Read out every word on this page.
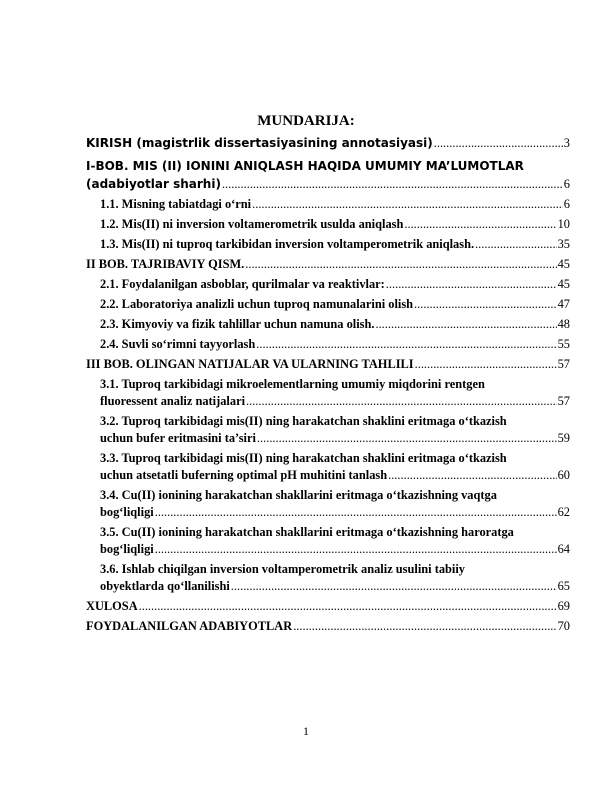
MUNDARIJA:
KIRISH (magistrlik dissertasiyasining annotasiyasi) .....	3
I-BOB. MIS (II) IONINI ANIQLASH HAQIDA UMUMIY MA’LUMOTLAR
(adabiyotlar sharhi) .....	6
1.1. Misning tabiatdagi o‘rni .....	6
1.2. Mis(II) ni inversion voltamerometrik usulda aniqlash .....	10
1.3. Mis(II) ni tuproq tarkibidan inversion voltamperometrik aniqlash. .....	35
II BOB. TAJRIBAVIY QISM. .....	45
2.1. Foydalanilgan asboblar, qurilmalar va reaktivlar: .....	45
2.2. Laboratoriya analizli uchun tuproq namunalarini olish .....	47
2.3. Kimyoviy va fizik tahlillar uchun namuna olish. .....	48
2.4. Suvli so‘rimni tayyorlash .....	55
III BOB. OLINGAN NATIJALAR VA ULARNING TAHLILI .....	57
3.1. Tuproq tarkibidagi mikroelementlarning umumiy miqdorini rentgen
fluoressent analiz natijalari .....	57
3.2. Tuproq tarkibidagi mis(II) ning harakatchan shaklini eritmaga o‘tkazish
uchun bufer eritmasini ta’siri .....	59
3.3. Tuproq tarkibidagi mis(II) ning harakatchan shaklini eritmaga o‘tkazish
uchun atsetatli buferning optimal pH muhitini tanlash .....	60
3.4. Cu(II) ionining harakatchan shakllarini eritmaga o‘tkazishning vaqtga
bog‘liqligi .....	62
3.5. Cu(II) ionining harakatchan shakllarini eritmaga o‘tkazishning haroratga
bog‘liqligi .....	64
3.6. Ishlab chiqilgan inversion voltamperometrik analiz usulini tabiiy
obyektlarda qo‘llanilishi .....	65
XULOSA .....	69
FOYDALANILGAN ADABIYOTLAR .....	70
1
